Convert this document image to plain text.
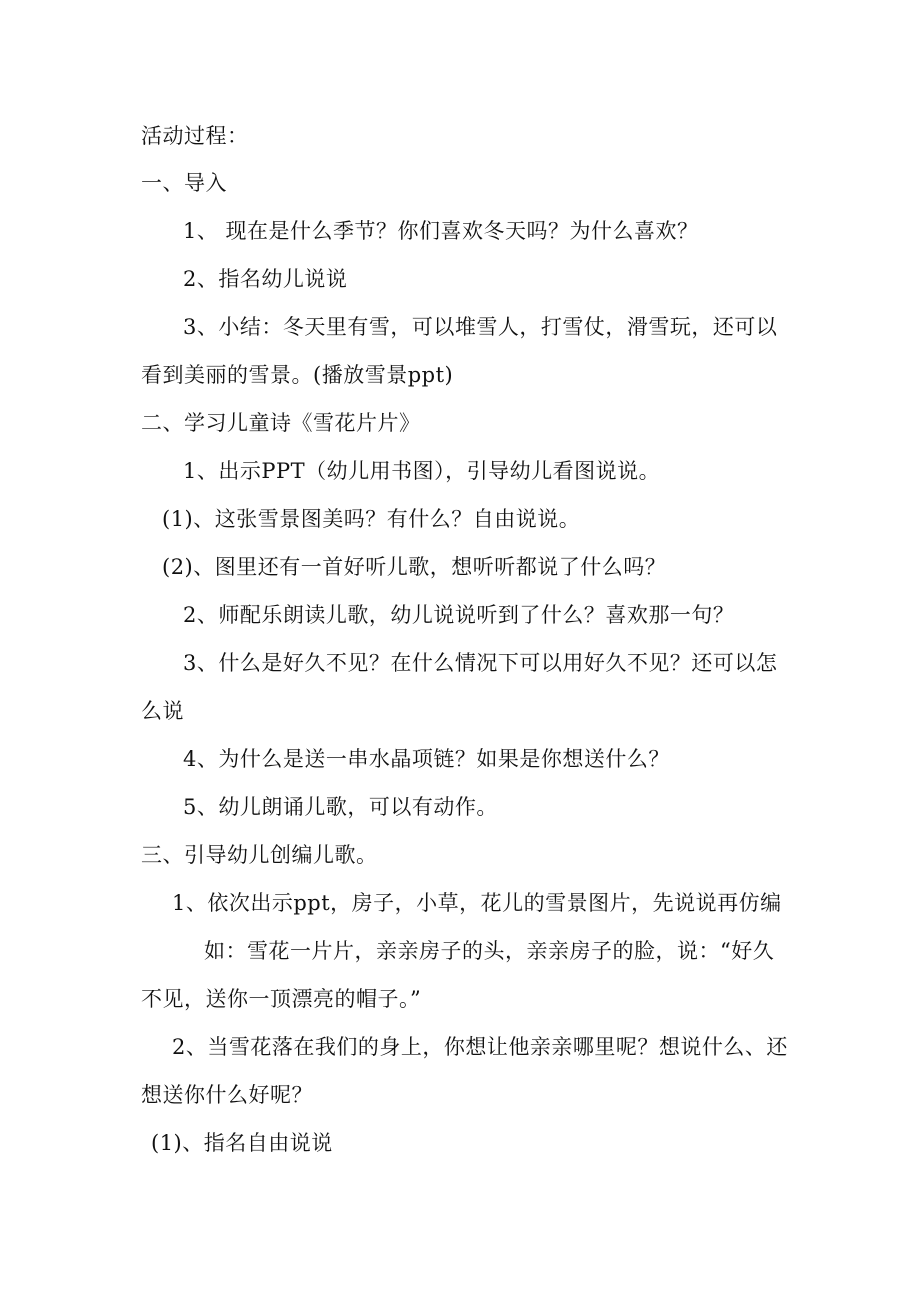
活动过程：
一、导入
1、 现在是什么季节？你们喜欢冬天吗？为什么喜欢？
2、指名幼儿说说
3、小结：冬天里有雪，可以堆雪人，打雪仗，滑雪玩，还可以
看到美丽的雪景。(播放雪景ppt)
二、学习儿童诗《雪花片片》
1、出示PPT（幼儿用书图），引导幼儿看图说说。
(1)、这张雪景图美吗？有什么？自由说说。
(2)、图里还有一首好听儿歌，想听听都说了什么吗？
2、师配乐朗读儿歌，幼儿说说听到了什么？喜欢那一句？
3、什么是好久不见？在什么情况下可以用好久不见？还可以怎
么说
4、为什么是送一串水晶项链？如果是你想送什么？
5、幼儿朗诵儿歌，可以有动作。
三、引导幼儿创编儿歌。
1、依次出示ppt，房子，小草，花儿的雪景图片，先说说再仿编
如：雪花一片片，亲亲房子的头，亲亲房子的脸，说：“好久
不见，送你一顶漂亮的帽子。”
2、当雪花落在我们的身上，你想让他亲亲哪里呢？想说什么、还
想送你什么好呢？
(1)、指名自由说说
